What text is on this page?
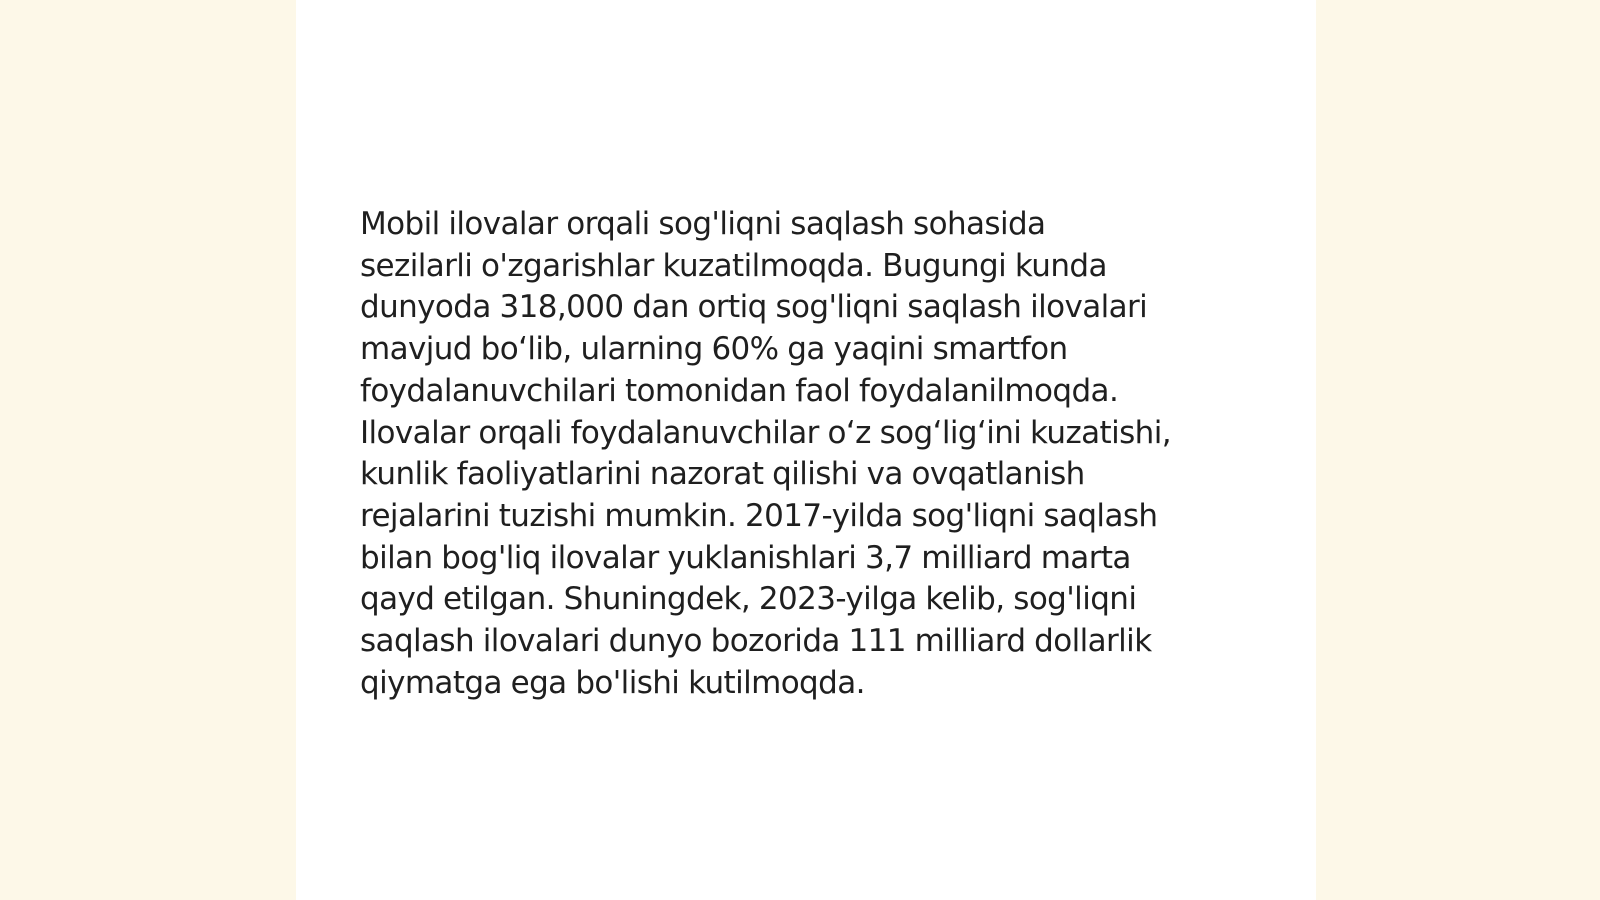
Mobil ilovalar orqali sog'liqni saqlash sohasida
sezilarli o'zgarishlar kuzatilmoqda. Bugungi kunda
dunyoda 318,000 dan ortiq sog'liqni saqlash ilovalari
mavjud bo‘lib, ularning 60% ga yaqini smartfon
foydalanuvchilari tomonidan faol foydalanilmoqda.
Ilovalar orqali foydalanuvchilar o‘z sog‘lig‘ini kuzatishi,
kunlik faoliyatlarini nazorat qilishi va ovqatlanish
rejalarini tuzishi mumkin. 2017-yilda sog'liqni saqlash
bilan bog'liq ilovalar yuklanishlari 3,7 milliard marta
qayd etilgan. Shuningdek, 2023-yilga kelib, sog'liqni
saqlash ilovalari dunyo bozorida 111 milliard dollarlik
qiymatga ega bo'lishi kutilmoqda.
